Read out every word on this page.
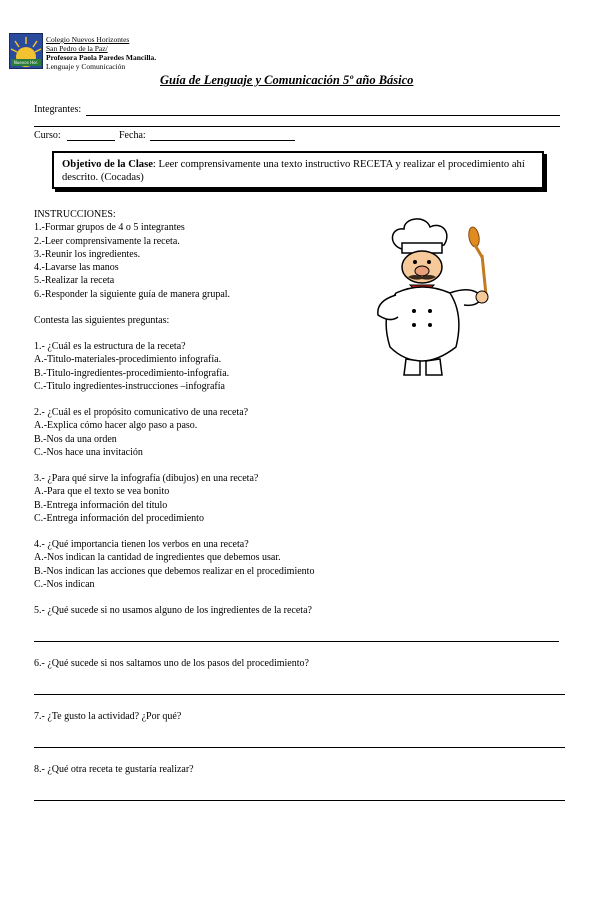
Nuevos Hor.
Colegio Nuevos Horizontes
San Pedro de la Paz/
Profesora Paola Paredes Mancilla.
Lenguaje y Comunicación
Guía de Lenguaje y Comunicación 5º año Básico
Integrantes:
Curso:	Fecha:
Objetivo de la Clase: Leer comprensivamente una texto instructivo RECETA y realizar el procedimiento ahí descrito. (Cocadas)
INSTRUCCIONES:
1.-Formar grupos de 4 o 5 integrantes
2.-Leer comprensivamente la receta.
3.-Reunir los ingredientes.
4.-Lavarse las manos
5.-Realizar la receta
6.-Responder la siguiente guía de manera grupal.
Contesta las siguientes preguntas:
1.- ¿Cuál es la estructura de la receta?
A.-Titulo-materiales-procedimiento infografía.
B.-Titulo-ingredientes-procedimiento-infografía.
C.-Titulo ingredientes-instrucciones –infografía
2.- ¿Cuál es el propósito comunicativo de una receta?
A.-Explica cómo hacer algo paso a paso.
B.-Nos da una orden
C.-Nos hace una invitación
3.- ¿Para qué sirve la infografía (dibujos) en una receta?
A.-Para que el texto se vea bonito
B.-Entrega información del título
C.-Entrega información del procedimiento
4.- ¿Qué importancia tienen los verbos en una receta?
A.-Nos indican la cantidad de ingredientes que debemos usar.
B.-Nos indican las acciones que debemos realizar en el procedimiento
C.-Nos indican
5.- ¿Qué sucede si no usamos alguno de los ingredientes de la receta?
6.- ¿Qué sucede si nos saltamos uno de los pasos del procedimiento?
7.- ¿Te gusto la actividad? ¿Por qué?
8.- ¿Qué otra receta te gustaría realizar?
